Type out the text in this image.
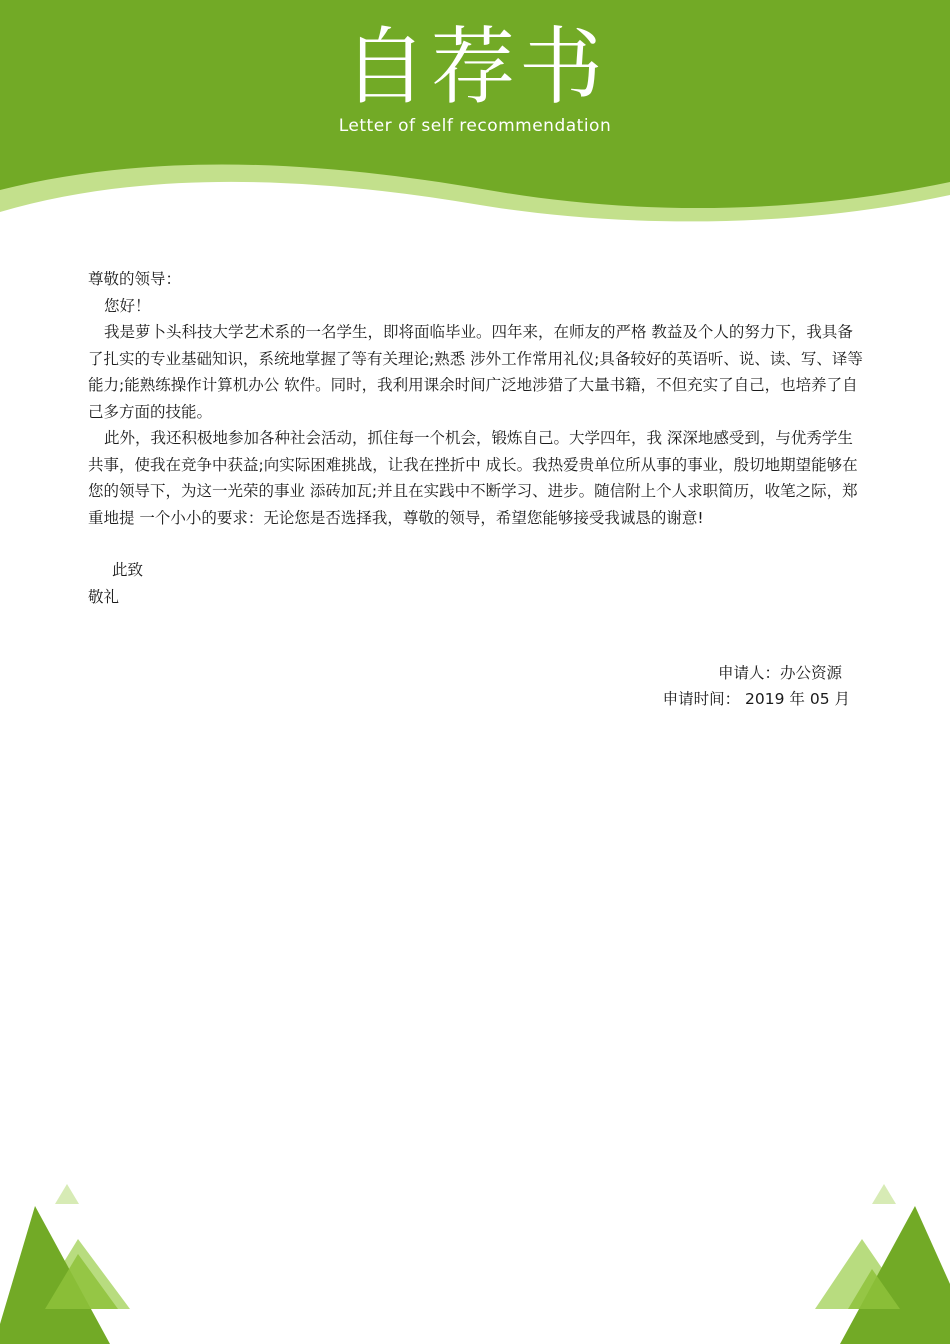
自荐书
Letter of self recommendation

尊敬的领导：

您好！

我是萝卜头科技大学艺术系的一名学生，即将面临毕业。四年来，在师友的严格 教益及个人的努力下，我具备了扎实的专业基础知识，系统地掌握了等有关理论;熟悉 涉外工作常用礼仪;具备较好的英语听、说、读、写、译等能力;能熟练操作计算机办公 软件。同时，我利用课余时间广泛地涉猎了大量书籍，不但充实了自己，也培养了自 己多方面的技能。

此外，我还积极地参加各种社会活动，抓住每一个机会，锻炼自己。大学四年，我 深深地感受到，与优秀学生共事，使我在竞争中获益;向实际困难挑战，让我在挫折中 成长。我热爱贵单位所从事的事业，殷切地期望能够在您的领导下，为这一光荣的事业 添砖加瓦;并且在实践中不断学习、进步。随信附上个人求职简历，收笔之际，郑重地提 一个小小的要求：无论您是否选择我，尊敬的领导，希望您能够接受我诚恳的谢意!

此致

敬礼

申请人：办公资源
申请时间： 2019 年 05 月
